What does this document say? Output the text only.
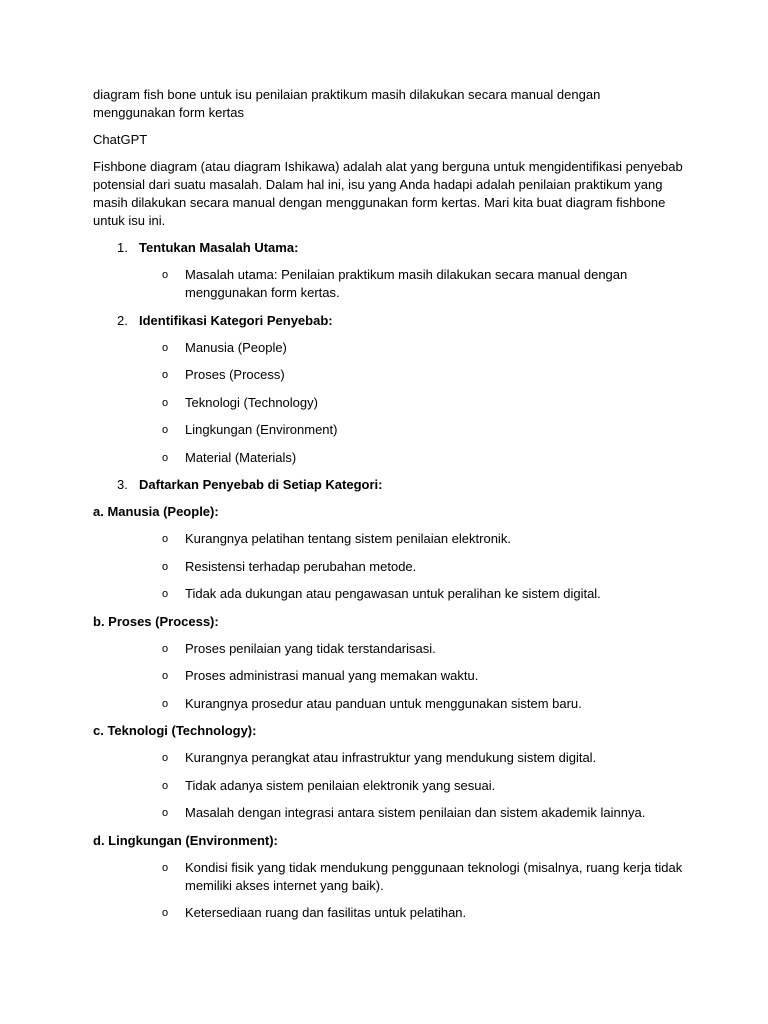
diagram fish bone untuk isu penilaian praktikum masih dilakukan secara manual dengan menggunakan form kertas

ChatGPT

Fishbone diagram (atau diagram Ishikawa) adalah alat yang berguna untuk mengidentifikasi penyebab potensial dari suatu masalah. Dalam hal ini, isu yang Anda hadapi adalah penilaian praktikum yang masih dilakukan secara manual dengan menggunakan form kertas. Mari kita buat diagram fishbone untuk isu ini.

1. Tentukan Masalah Utama:
o Masalah utama: Penilaian praktikum masih dilakukan secara manual dengan menggunakan form kertas.
2. Identifikasi Kategori Penyebab:
o Manusia (People)
o Proses (Process)
o Teknologi (Technology)
o Lingkungan (Environment)
o Material (Materials)
3. Daftarkan Penyebab di Setiap Kategori:

a. Manusia (People):

o Kurangnya pelatihan tentang sistem penilaian elektronik.
o Resistensi terhadap perubahan metode.
o Tidak ada dukungan atau pengawasan untuk peralihan ke sistem digital.

b. Proses (Process):

o Proses penilaian yang tidak terstandarisasi.
o Proses administrasi manual yang memakan waktu.
o Kurangnya prosedur atau panduan untuk menggunakan sistem baru.

c. Teknologi (Technology):

o Kurangnya perangkat atau infrastruktur yang mendukung sistem digital.
o Tidak adanya sistem penilaian elektronik yang sesuai.
o Masalah dengan integrasi antara sistem penilaian dan sistem akademik lainnya.

d. Lingkungan (Environment):

o Kondisi fisik yang tidak mendukung penggunaan teknologi (misalnya, ruang kerja tidak memiliki akses internet yang baik).
o Ketersediaan ruang dan fasilitas untuk pelatihan.
